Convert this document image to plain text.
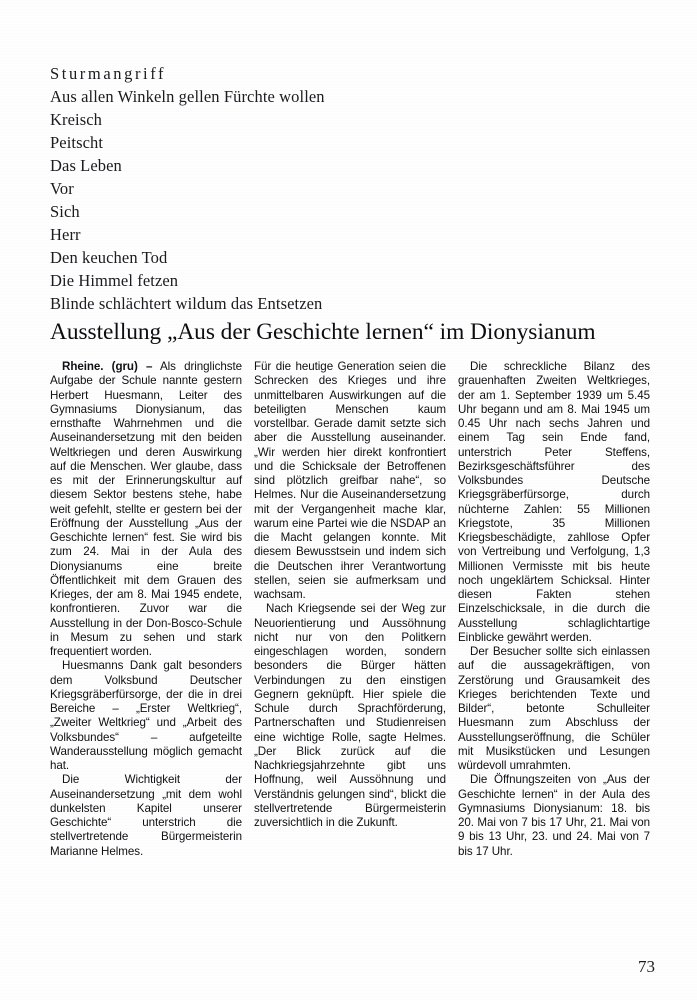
Sturmangriff
Aus allen Winkeln gellen Fürchte wollen
Kreisch
Peitscht
Das Leben
Vor
Sich
Herr
Den keuchen Tod
Die Himmel fetzen
Blinde schlächtert wildum das Entsetzen
Ausstellung „Aus der Geschichte lernen“ im Dionysianum

Rheine. (gru) – Als dringlichste Aufgabe der Schule nannte gestern Herbert Huesmann, Leiter des Gymnasiums Dionysianum, das ernsthafte Wahrnehmen und die Auseinandersetzung mit den beiden Weltkriegen und deren Auswirkung auf die Menschen. Wer glaube, dass es mit der Erinnerungskultur auf diesem Sektor bestens stehe, habe weit gefehlt, stellte er gestern bei der Eröffnung der Ausstellung „Aus der Geschichte lernen“ fest. Sie wird bis zum 24. Mai in der Aula des Dionysianums eine breite Öffentlichkeit mit dem Grauen des Krieges, der am 8. Mai 1945 endete, konfrontieren. Zuvor war die Ausstellung in der Don-Bosco-Schule in Mesum zu sehen und stark frequentiert worden.

Huesmanns Dank galt besonders dem Volksbund Deutscher Kriegsgräberfürsorge, der die in drei Bereiche – „Erster Weltkrieg“, „Zweiter Weltkrieg“ und „Arbeit des Volksbundes“ – aufgeteilte Wanderausstellung möglich gemacht hat.

Die Wichtigkeit der Auseinandersetzung „mit dem wohl dunkelsten Kapitel unserer Geschichte“ unterstrich die stellvertretende Bürgermeisterin Marianne Helmes.

Für die heutige Generation seien die Schrecken des Krieges und ihre unmittelbaren Auswirkungen auf die beteiligten Menschen kaum vorstellbar. Gerade damit setzte sich aber die Ausstellung auseinander. „Wir werden hier direkt konfrontiert und die Schicksale der Betroffenen sind plötzlich greifbar nahe“, so Helmes. Nur die Auseinandersetzung mit der Vergangenheit mache klar, warum eine Partei wie die NSDAP an die Macht gelangen konnte. Mit diesem Bewusstsein und indem sich die Deutschen ihrer Verantwortung stellen, seien sie aufmerksam und wachsam.

Nach Kriegsende sei der Weg zur Neuorientierung und Aussöhnung nicht nur von den Politkern eingeschlagen worden, sondern besonders die Bürger hätten Verbindungen zu den einstigen Gegnern geknüpft. Hier spiele die Schule durch Sprachförderung, Partnerschaften und Studienreisen eine wichtige Rolle, sagte Helmes. „Der Blick zurück auf die Nachkriegsjahrzehnte gibt uns Hoffnung, weil Aussöhnung und Verständnis gelungen sind“, blickt die stellvertretende Bürgermeisterin zuversichtlich in die Zukunft.

Die schreckliche Bilanz des grauenhaften Zweiten Weltkrieges, der am 1. September 1939 um 5.45 Uhr begann und am 8. Mai 1945 um 0.45 Uhr nach sechs Jahren und einem Tag sein Ende fand, unterstrich Peter Steffens, Bezirksgeschäftsführer des Volksbundes Deutsche Kriegsgräberfürsorge, durch nüchterne Zahlen: 55 Millionen Kriegstote, 35 Millionen Kriegsbeschädigte, zahllose Opfer von Vertreibung und Verfolgung, 1,3 Millionen Vermisste mit bis heute noch ungeklärtem Schicksal. Hinter diesen Fakten stehen Einzelschicksale, in die durch die Ausstellung schlaglichtartige Einblicke gewährt werden.

Der Besucher sollte sich einlassen auf die aussagekräftigen, von Zerstörung und Grausamkeit des Krieges berichtenden Texte und Bilder“, betonte Schulleiter Huesmann zum Abschluss der Ausstellungseröffnung, die Schüler mit Musikstücken und Lesungen würdevoll umrahmten.

Die Öffnungszeiten von „Aus der Geschichte lernen“ in der Aula des Gymnasiums Dionysianum: 18. bis 20. Mai von 7 bis 17 Uhr, 21. Mai von 9 bis 13 Uhr, 23. und 24. Mai von 7 bis 17 Uhr.

73
